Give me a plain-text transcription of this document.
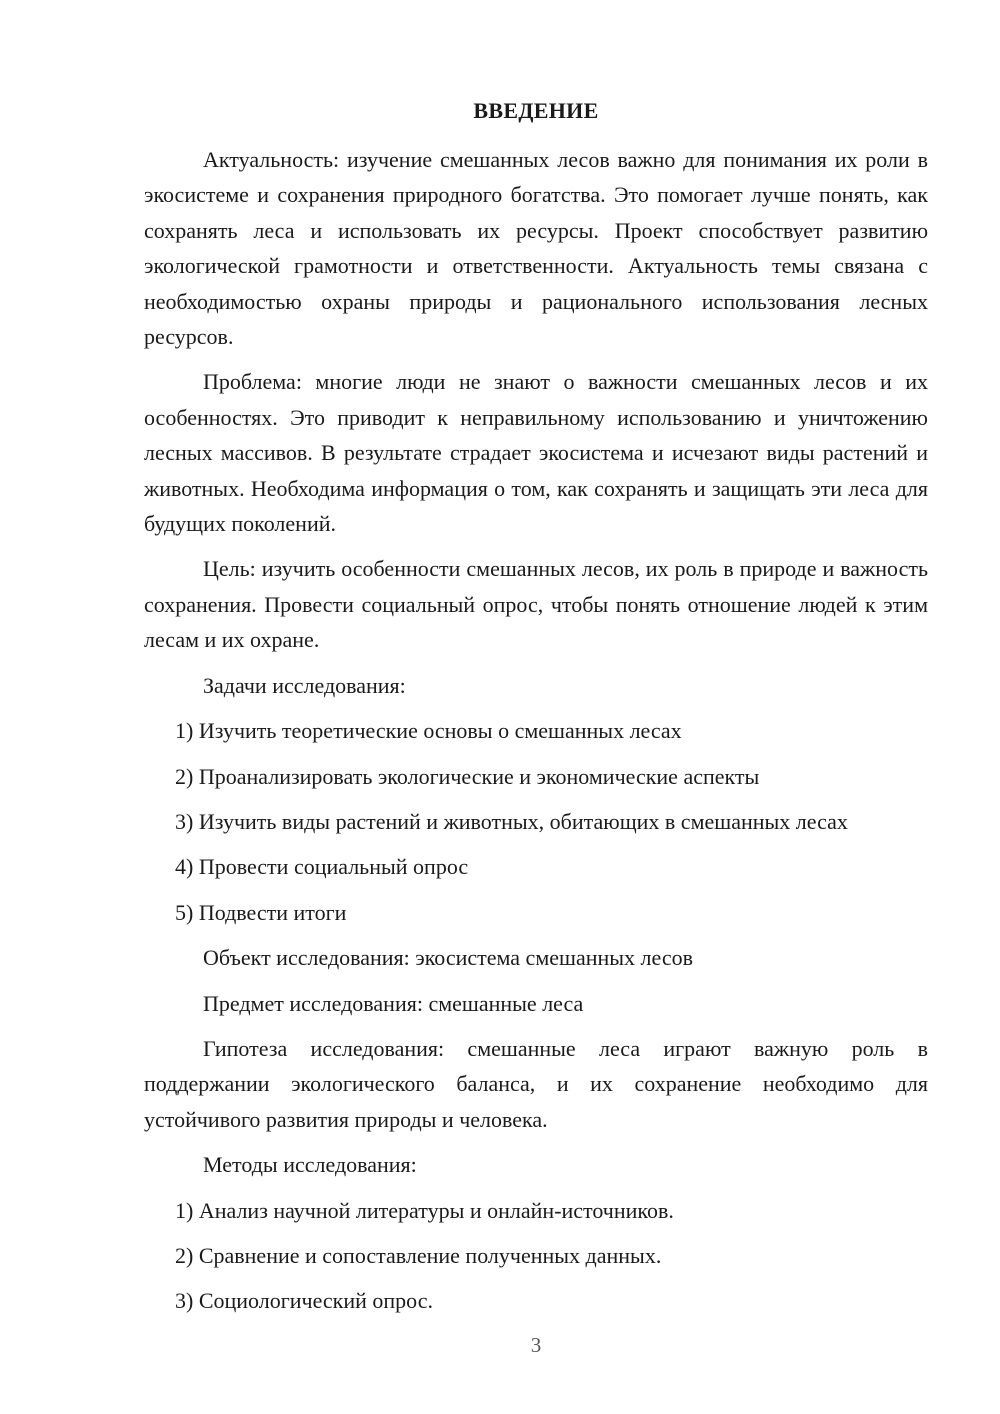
ВВЕДЕНИЕ

Актуальность: изучение смешанных лесов важно для понимания их роли в экосистеме и сохранения природного богатства. Это помогает лучше понять, как сохранять леса и использовать их ресурсы. Проект способствует развитию экологической грамотности и ответственности. Актуальность темы связана с необходимостью охраны природы и рационального использования лесных ресурсов.

Проблема: многие люди не знают о важности смешанных лесов и их особенностях. Это приводит к неправильному использованию и уничтожению лесных массивов. В результате страдает экосистема и исчезают виды растений и животных. Необходима информация о том, как сохранять и защищать эти леса для будущих поколений.

Цель: изучить особенности смешанных лесов, их роль в природе и важность сохранения. Провести социальный опрос, чтобы понять отношение людей к этим лесам и их охране.

Задачи исследования:

1) Изучить теоретические основы о смешанных лесах
2) Проанализировать экологические и экономические аспекты
3) Изучить виды растений и животных, обитающих в смешанных лесах
4) Провести социальный опрос
5) Подвести итоги

Объект исследования: экосистема смешанных лесов

Предмет исследования: смешанные леса

Гипотеза исследования: смешанные леса играют важную роль в поддержании экологического баланса, и их сохранение необходимо для устойчивого развития природы и человека.

Методы исследования:

1) Анализ научной литературы и онлайн-источников.
2) Сравнение и сопоставление полученных данных.
3) Социологический опрос.
3
